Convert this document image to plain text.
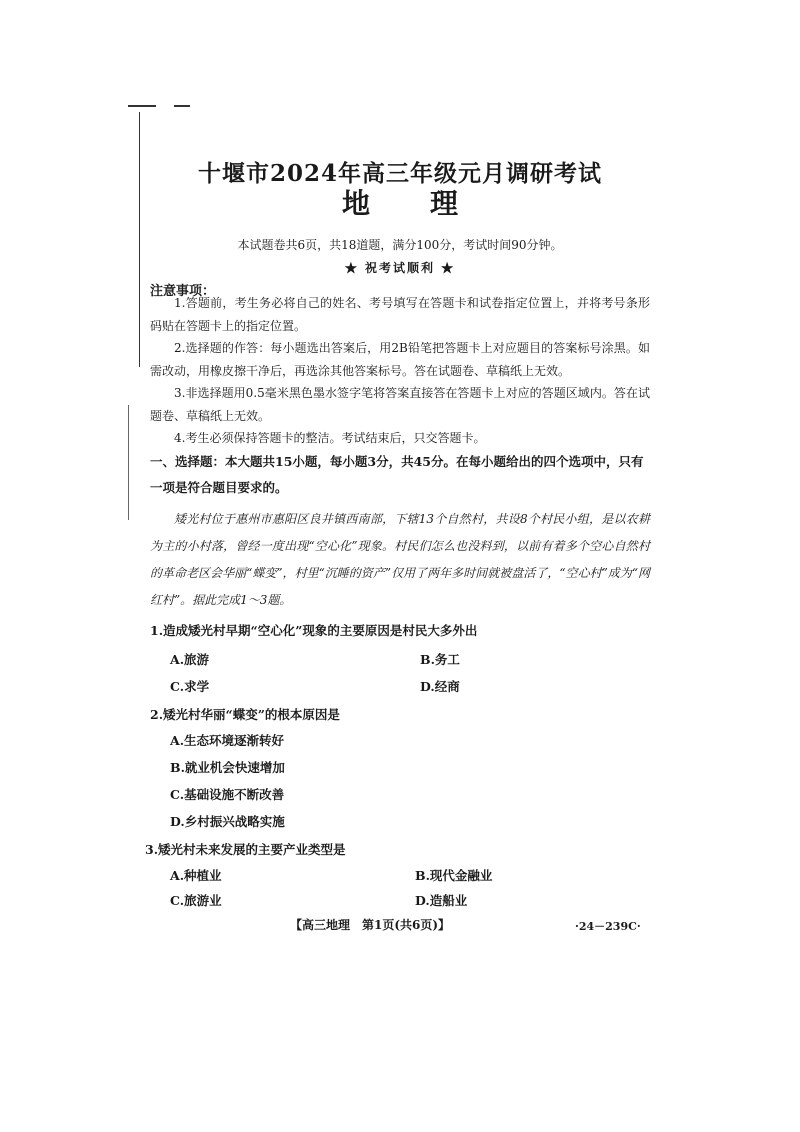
十堰市2024年高三年级元月调研考试
地理
本试题卷共6页，共18道题，满分100分，考试时间90分钟。
★ 祝考试顺利 ★
注意事项：
1.答题前，考生务必将自己的姓名、考号填写在答题卡和试卷指定位置上，并将考号条形码贴在答题卡上的指定位置。
2.选择题的作答：每小题选出答案后，用2B铅笔把答题卡上对应题目的答案标号涂黑。如需改动，用橡皮擦干净后，再选涂其他答案标号。答在试题卷、草稿纸上无效。
3.非选择题用0.5毫米黑色墨水签字笔将答案直接答在答题卡上对应的答题区域内。答在试题卷、草稿纸上无效。
4.考生必须保持答题卡的整洁。考试结束后，只交答题卡。
一、选择题：本大题共15小题，每小题3分，共45分。在每小题给出的四个选项中，只有一项是符合题目要求的。
矮光村位于惠州市惠阳区良井镇西南部，下辖13个自然村，共设8个村民小组，是以农耕为主的小村落，曾经一度出现“空心化”现象。村民们怎么也没料到，以前有着多个空心自然村的革命老区会华丽“蝶变”，村里“沉睡的资产”仅用了两年多时间就被盘活了，“空心村”成为“网红村”。据此完成1～3题。
1.造成矮光村早期“空心化”现象的主要原因是村民大多外出
A.旅游	B.务工
C.求学	D.经商
2.矮光村华丽“蝶变”的根本原因是
A.生态环境逐渐转好
B.就业机会快速增加
C.基础设施不断改善
D.乡村振兴战略实施
3.矮光村未来发展的主要产业类型是
A.种植业	B.现代金融业
C.旅游业	D.造船业
【高三地理　第1页(共6页)】	·24－239C·
